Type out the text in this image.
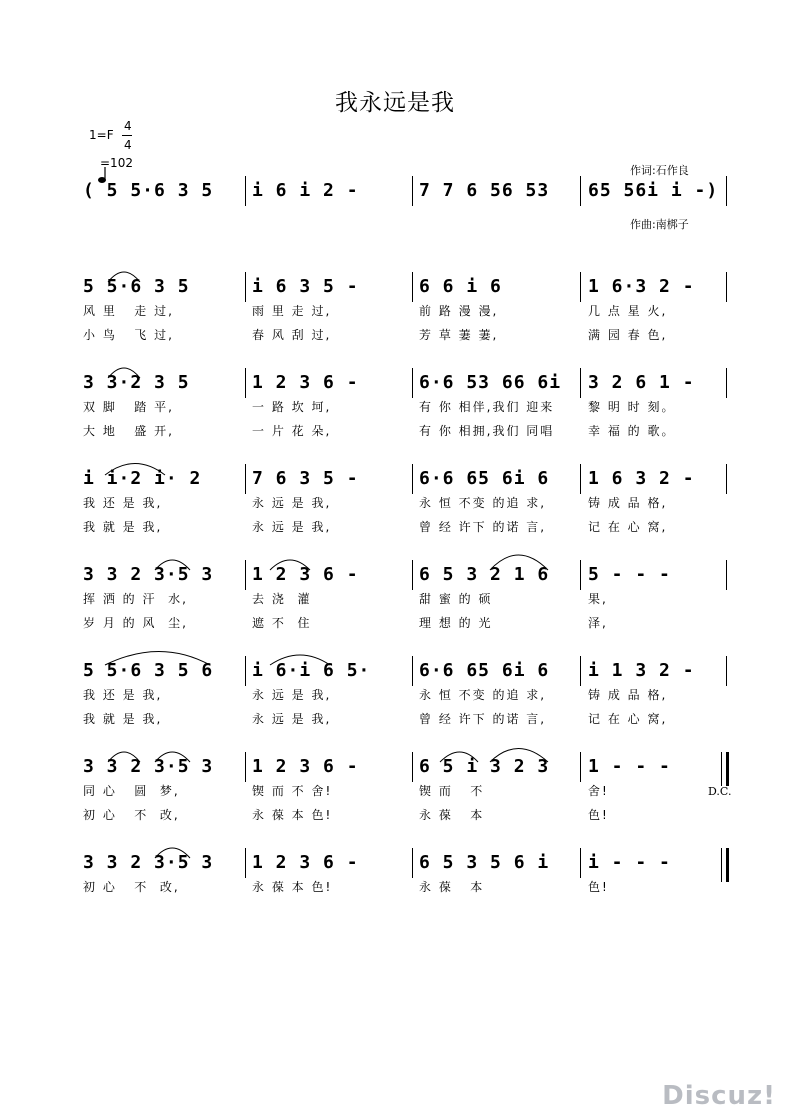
我永远是我
1=F
4
4

=102

作词:石作良

作曲:南梆子

( 5 5·6 3 5 i 6 i 2 -	7 7 6 56 53 65 56i i -)
5 5·6 3 5
风 里   走 过,
小 鸟   飞 过,
i 6 3 5 -
雨 里 走 过,
春 风 刮 过,
6 6 i 6
前 路 漫 漫,
芳 草 萋 萋,
1 6·3 2 -
几 点 星 火,
满 园 春 色,
3 3·2 3 5
双 脚   踏 平,
大 地   盛 开,
1 2 3 6 -
一 路 坎 坷,
一 片 花 朵,
6·6 53 66 6i
有 你 相伴,我们 迎来
有 你 相拥,我们 同唱
3 2 6 1 -
黎 明 时 刻。
幸 福 的 歌。
i i·2 i· 2
我 还 是 我,
我 就 是 我,
7 6 3 5 -
永 远 是 我,
永 远 是 我,
6·6 65 6i 6
永 恒 不变 的追 求,
曾 经 许下 的诺 言,
1 6 3 2 -
铸 成 品 格,
记 在 心 窝,
3 3 2 3·5 3
挥 洒 的 汗  水,
岁 月 的 风  尘,
1 2 3 6 -
去 浇  灌
遮 不  住
6 5 3 2 1 6
甜 蜜 的 硕
理 想 的 光
5 - - -
果,
泽,
5 5·6 3 5 6
我 还 是 我,
我 就 是 我,
i 6·i 6 5·
永 远 是 我,
永 远 是 我,
6·6 65 6i 6
永 恒 不变 的追 求,
曾 经 许下 的诺 言,
i 1 3 2 -
铸 成 品 格,
记 在 心 窝,
3 3 2 3·5 3
同 心   圆  梦,
初 心   不  改,
1 2 3 6 -
锲 而 不 舍!
永 葆 本 色!
6 5 i 3 2 3
锲 而   不
永 葆   本
1 - - -
舍!
色!
3 3 2 3·5 3
初 心   不  改,
1 2 3 6 -
永 葆 本 色!
6 5 3 5 6 i
永 葆   本
i - - -
色!
D.C.
Discuz!
